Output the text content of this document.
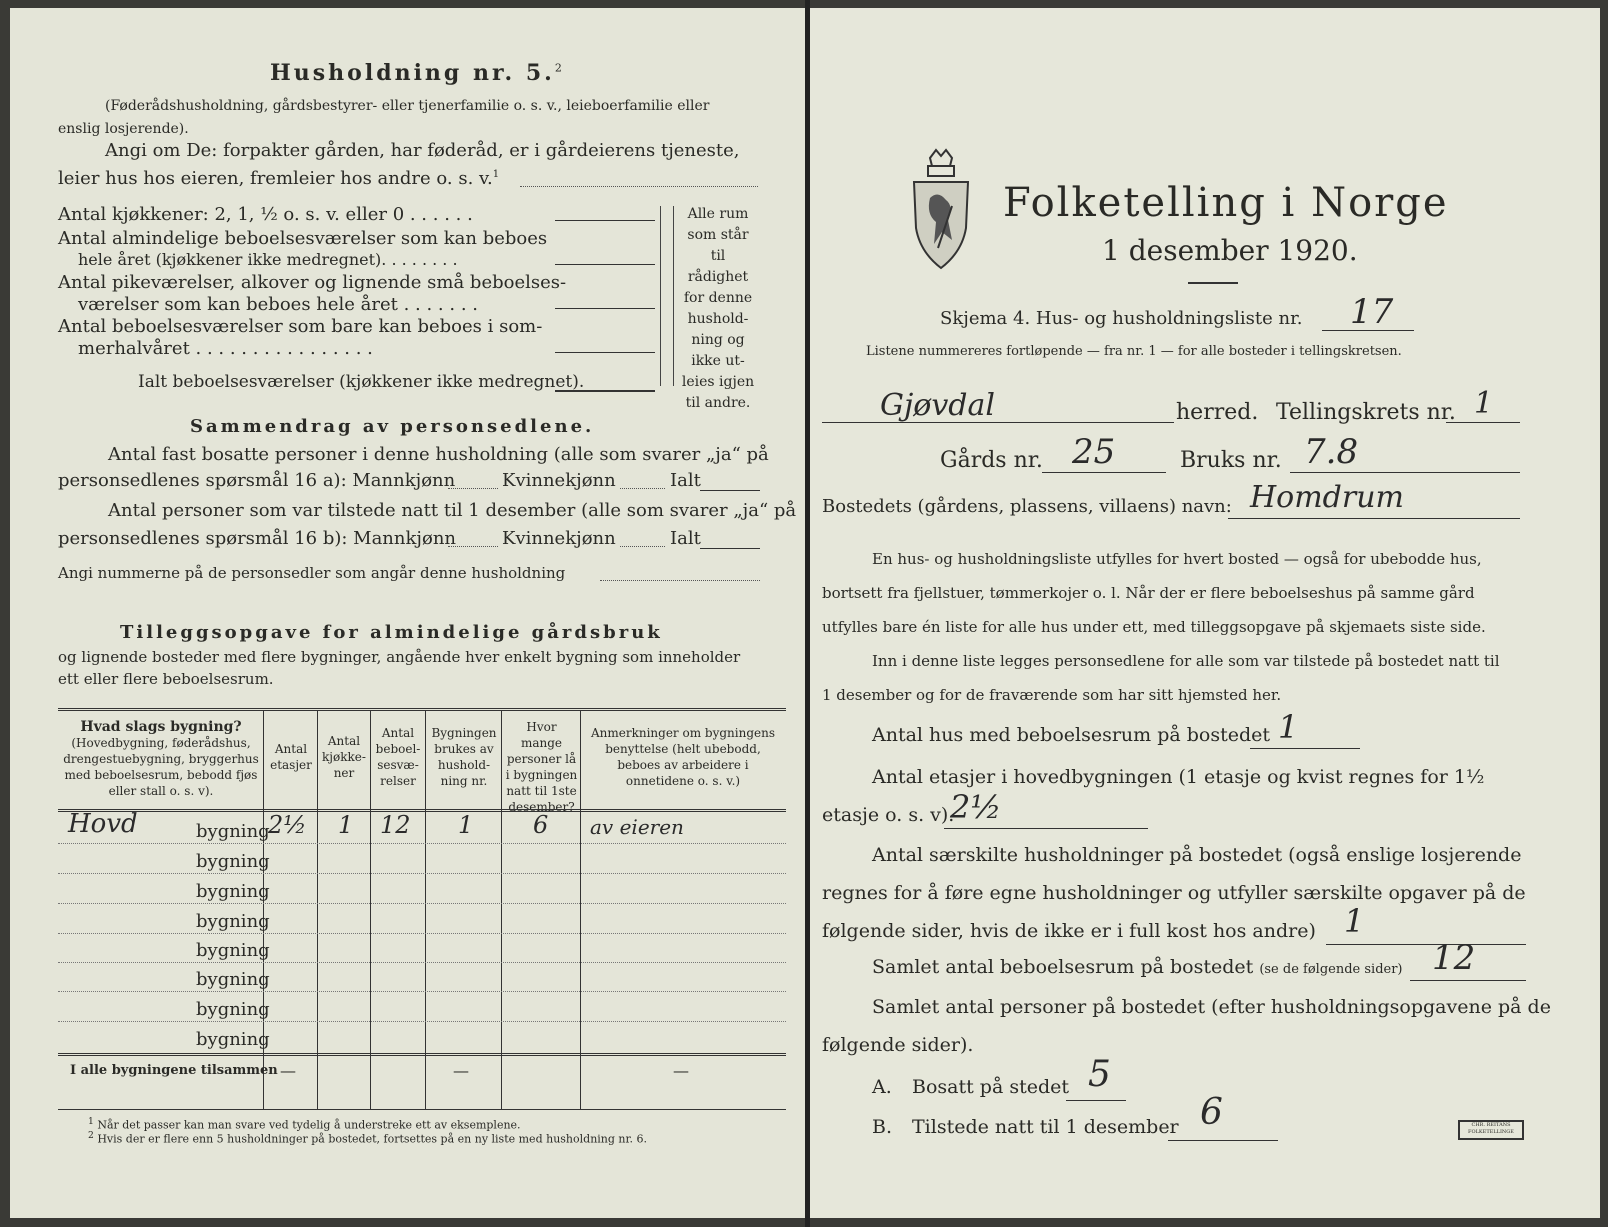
Husholdning nr. 5.$^2$
(Føderådshusholdning, gårdsbestyrer- eller tjenerfamilie o. s. v., leieboerfamilie eller
enslig losjerende).
Angi om De: forpakter gården, har føderåd, er i gårdeierens tjeneste,
leier hus hos eieren, fremleier hos andre o. s. v.$^1$
Antal kjøkkener: 2, 1, ½ o. s. v. eller 0 . . . . . .
Antal almindelige beboelsesværelser som kan beboes
hele året (kjøkkener ikke medregnet). . . . . . . .
Antal pikeværelser, alkover og lignende små beboelses-
værelser som kan beboes hele året . . . . . . .
Antal beboelsesværelser som bare kan beboes i som-
merhalvåret . . . . . . . . . . . . . . . .
Ialt beboelsesværelser (kjøkkener ikke medregnet).
Alle rum
som står til
rådighet
for denne
hushold-
ning og
ikke ut-
leies igjen
til andre.
Sammendrag av personsedlene.
Antal fast bosatte personer i denne husholdning (alle som svarer „ja“ på
personsedlenes spørsmål 16 a): Mannkjønn	Kvinnekjønn	Ialt
Antal personer som var tilstede natt til 1 desember (alle som svarer „ja“ på
personsedlenes spørsmål 16 b): Mannkjønn	Kvinnekjønn	Ialt
Angi nummerne på de personsedler som angår denne husholdning
Tilleggsopgave for almindelige gårdsbruk
og lignende bosteder med flere bygninger, angående hver enkelt bygning som inneholder
ett eller flere beboelsesrum.
Hvad slags bygning?
(Hovedbygning, føderådshus, drengestuebygning, bryggerhus med beboelsesrum, bebodd fjøs eller stall o. s. v).
Antal etasjer
Antal kjøkke-ner
Antal beboel-sesvæ-relser
Bygningen brukes av hushold-ning nr.
Hvor mange personer lå i bygningen natt til 1ste desember?
Anmerkninger om bygningens benyttelse (helt ubebodd, beboes av arbeidere i onnetidene o. s. v.)
Hovd	2½ 1 12 1 6 av eieren
bygning
bygning
bygning
bygning
bygning
bygning
bygning
bygning
I alle bygningene tilsammen —	—	—
$^1$ Når det passer kan man svare ved tydelig å understreke ett av eksemplene.
$^2$ Hvis der er flere enn 5 husholdninger på bostedet, fortsettes på en ny liste med husholdning nr. 6.
Folketelling i Norge
1 desember 1920.
Skjema 4. Hus- og husholdningsliste nr. 17
Listene nummereres fortløpende — fra nr. 1 — for alle bosteder i tellingskretsen.
Gjøvdal	herred. Tellingskrets nr. 1
Gårds nr. 25	Bruks nr. 7.8
Bostedets (gårdens, plassens, villaens) navn: Homdrum
En hus- og husholdningsliste utfylles for hvert bosted — også for ubebodde hus,
bortsett fra fjellstuer, tømmerkojer o. l. Når der er flere beboelseshus på samme gård
utfylles bare én liste for alle hus under ett, med tilleggsopgave på skjemaets siste side.
Inn i denne liste legges personsedlene for alle som var tilstede på bostedet natt til
1 desember og for de fraværende som har sitt hjemsted her.
Antal hus med beboelsesrum på bostedet 1
Antal etasjer i hovedbygningen (1 etasje og kvist regnes for 1½
etasje o. s. v).
2½
Antal særskilte husholdninger på bostedet (også enslige losjerende
regnes for å føre egne husholdninger og utfyller særskilte opgaver på de
følgende sider, hvis de ikke er i full kost hos andre) 1
Samlet antal beboelsesrum på bostedet (se de følgende sider) 12
Samlet antal personer på bostedet (efter husholdningsopgavene på de
følgende sider).
A. Bosatt på stedet 5
B. Tilstede natt til 1 desember 6	CHR. REITANS FOLKETELLINGE
